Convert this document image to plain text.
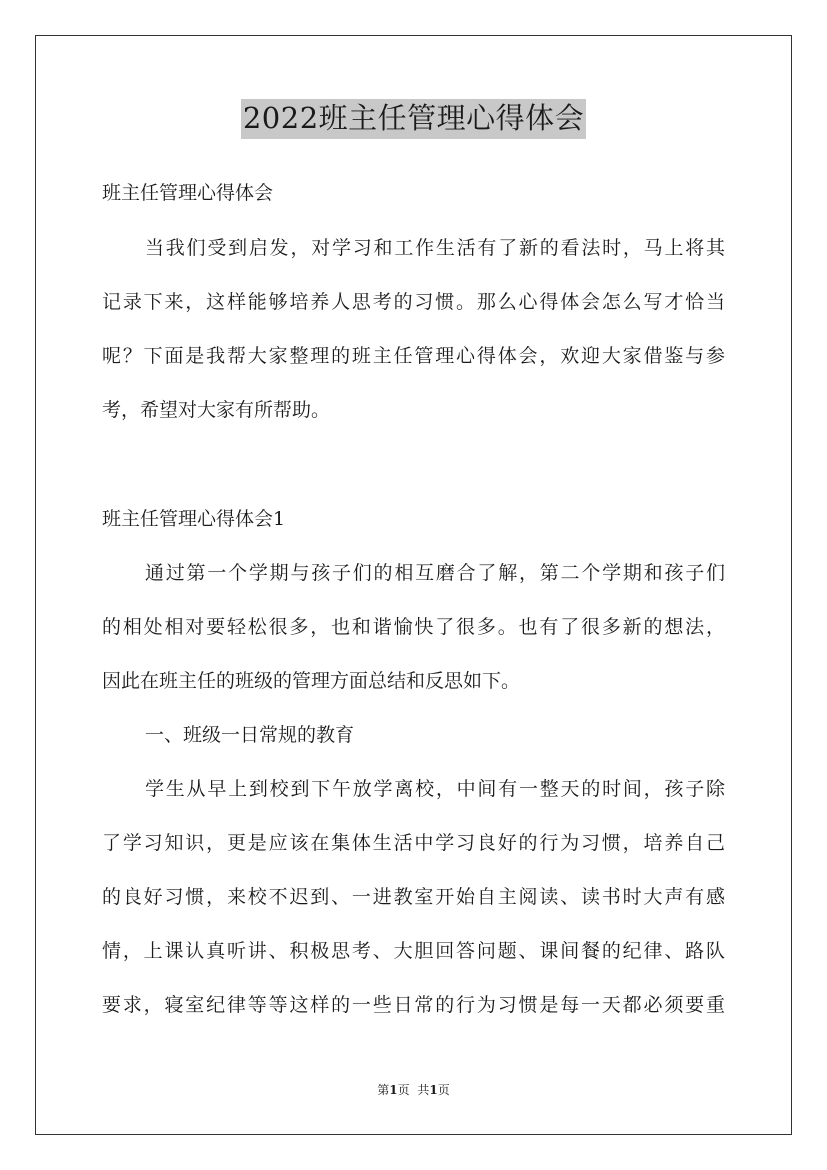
2022班主任管理心得体会
班主任管理心得体会
当我们受到启发，对学习和工作生活有了新的看法时，马上将其
记录下来，这样能够培养人思考的习惯。那么心得体会怎么写才恰当
呢？下面是我帮大家整理的班主任管理心得体会，欢迎大家借鉴与参
考，希望对大家有所帮助。
班主任管理心得体会1
通过第一个学期与孩子们的相互磨合了解，第二个学期和孩子们
的相处相对要轻松很多，也和谐愉快了很多。也有了很多新的想法，
因此在班主任的班级的管理方面总结和反思如下。
一、班级一日常规的教育
学生从早上到校到下午放学离校，中间有一整天的时间，孩子除
了学习知识，更是应该在集体生活中学习良好的行为习惯，培养自己
的良好习惯，来校不迟到、一进教室开始自主阅读、读书时大声有感
情，上课认真听讲、积极思考、大胆回答问题、课间餐的纪律、路队
要求，寝室纪律等等这样的一些日常的行为习惯是每一天都必须要重
第1页 共1页
